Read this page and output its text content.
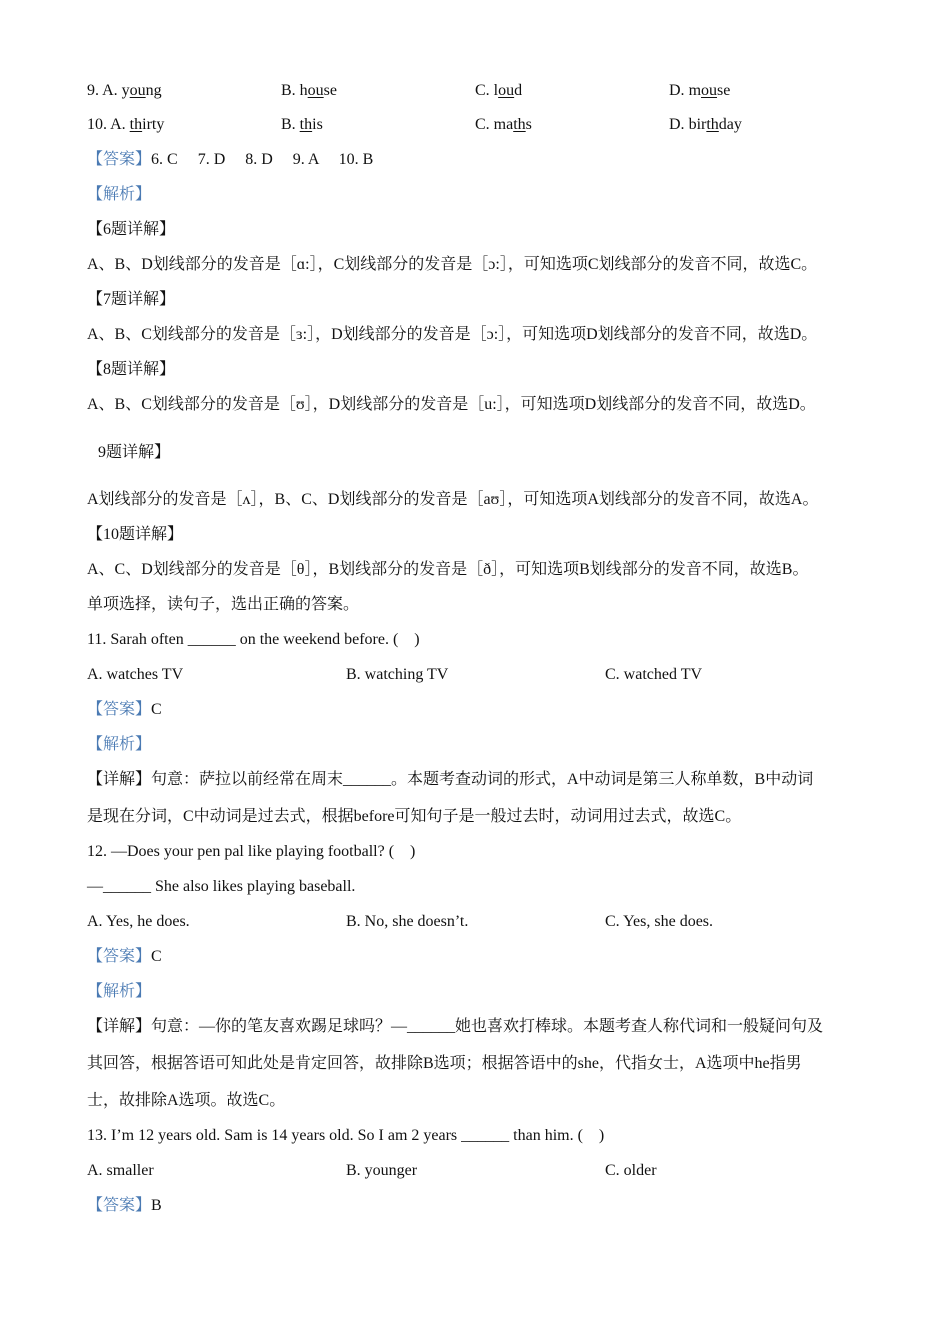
9. A. young	B. house	C. loud	D. mouse
10. A. thirty	B. this	C. maths	D. birthday
【答案】6. C　 7. D　 8. D　 9. A　 10. B
【解析】
【6题详解】
A、B、D划线部分的发音是［ɑ:］，C划线部分的发音是［ɔ:］，可知选项C划线部分的发音不同，故选C。
【7题详解】
A、B、C划线部分的发音是［ɜ:］，D划线部分的发音是［ɔ:］，可知选项D划线部分的发音不同，故选D。
【8题详解】
A、B、C划线部分的发音是［ʊ］，D划线部分的发音是［u:］，可知选项D划线部分的发音不同，故选D。
9题详解】
A划线部分的发音是［ʌ］，B、C、D划线部分的发音是［aʊ］，可知选项A划线部分的发音不同，故选A。
【10题详解】
A、C、D划线部分的发音是［θ］，B划线部分的发音是［ð］，可知选项B划线部分的发音不同，故选B。
单项选择，读句子，选出正确的答案。
11. Sarah often ______ on the weekend before. (　)
A. watches TV	B. watching TV	C. watched TV
【答案】C
【解析】
【详解】句意：萨拉以前经常在周末______。本题考查动词的形式，A中动词是第三人称单数，B中动词
是现在分词，C中动词是过去式，根据before可知句子是一般过去时，动词用过去式，故选C。
12. —Does your pen pal like playing football? (　)
—______ She also likes playing baseball.
A. Yes, he does.	B. No, she doesn’t.	C. Yes, she does.
【答案】C
【解析】
【详解】句意：—你的笔友喜欢踢足球吗？—______她也喜欢打棒球。本题考查人称代词和一般疑问句及
其回答，根据答语可知此处是肯定回答，故排除B选项；根据答语中的she，代指女士，A选项中he指男
士，故排除A选项。故选C。
13. I’m 12 years old. Sam is 14 years old. So I am 2 years ______ than him. (　)
A. smaller	B. younger	C. older
【答案】B
